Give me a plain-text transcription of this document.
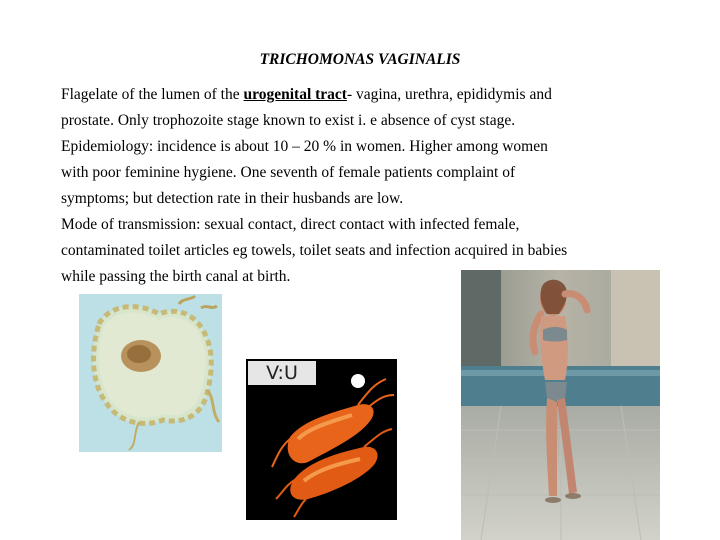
TRICHOMONAS VAGINALIS
Flagelate of the lumen of the urogenital tract- vagina, urethra, epididymis and
prostate. Only trophozoite stage known to exist i. e absence of cyst stage.
Epidemiology: incidence is about 10 – 20 % in women. Higher among women
with poor feminine hygiene. One seventh of female patients complaint of
symptoms; but detection rate in their husbands are low.
Mode of transmission: sexual contact, direct contact with infected female,
contaminated toilet articles eg towels, toilet seats and infection acquired in babies
while passing the birth canal at birth.
V:U
